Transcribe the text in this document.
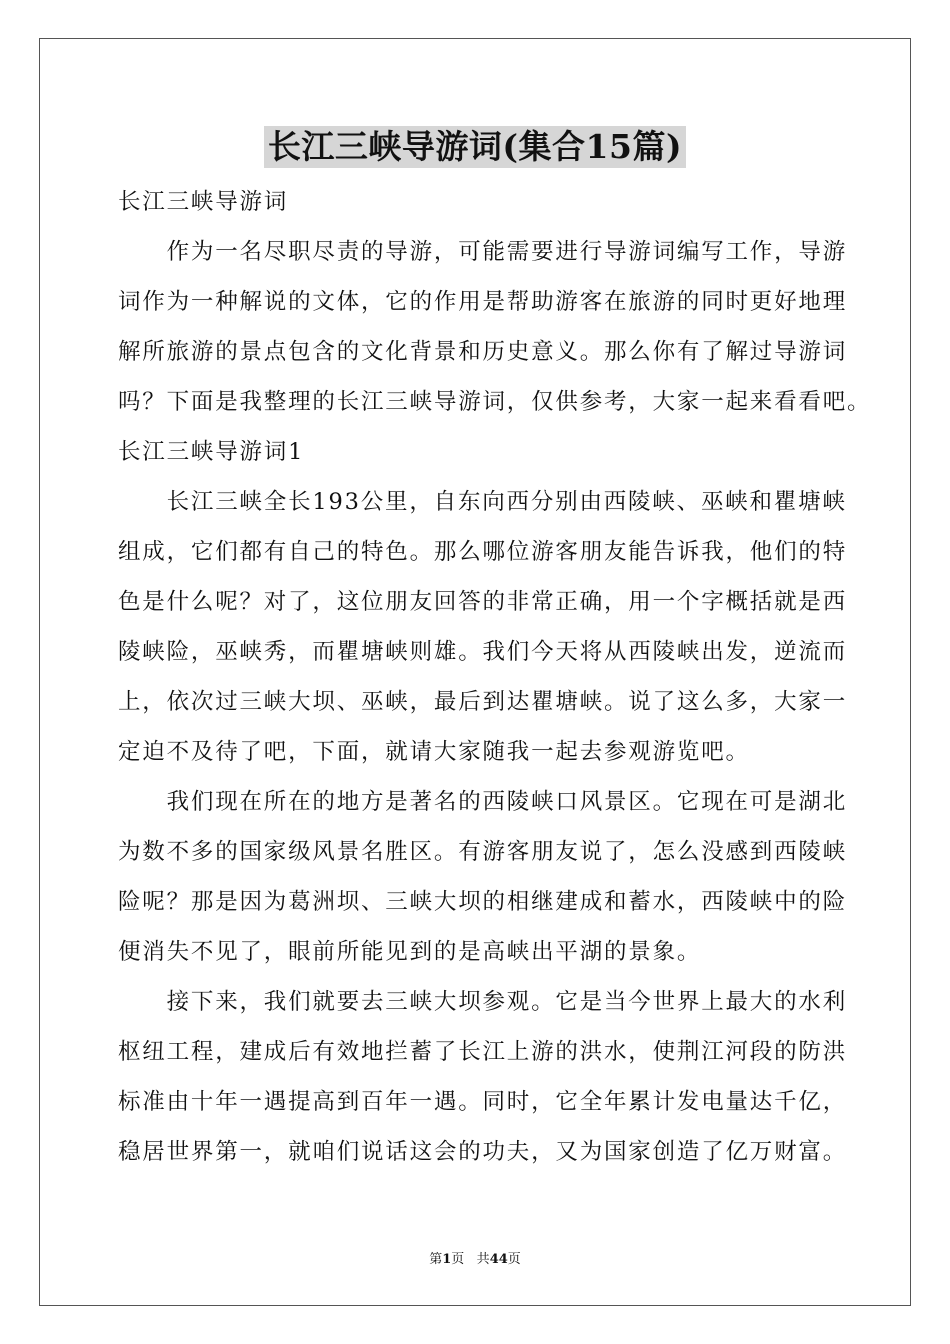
长江三峡导游词(集合15篇)
长江三峡导游词
　　作为一名尽职尽责的导游，可能需要进行导游词编写工作，导游
词作为一种解说的文体，它的作用是帮助游客在旅游的同时更好地理
解所旅游的景点包含的文化背景和历史意义。那么你有了解过导游词
吗？下面是我整理的长江三峡导游词，仅供参考，大家一起来看看吧。
长江三峡导游词1
　　长江三峡全长193公里，自东向西分别由西陵峡、巫峡和瞿塘峡
组成，它们都有自己的特色。那么哪位游客朋友能告诉我，他们的特
色是什么呢？对了，这位朋友回答的非常正确，用一个字概括就是西
陵峡险，巫峡秀，而瞿塘峡则雄。我们今天将从西陵峡出发，逆流而
上，依次过三峡大坝、巫峡，最后到达瞿塘峡。说了这么多，大家一
定迫不及待了吧，下面，就请大家随我一起去参观游览吧。
　　我们现在所在的地方是著名的西陵峡口风景区。它现在可是湖北
为数不多的国家级风景名胜区。有游客朋友说了，怎么没感到西陵峡
险呢？那是因为葛洲坝、三峡大坝的相继建成和蓄水，西陵峡中的险
便消失不见了，眼前所能见到的是高峡出平湖的景象。
　　接下来，我们就要去三峡大坝参观。它是当今世界上最大的水利
枢纽工程，建成后有效地拦蓄了长江上游的洪水，使荆江河段的防洪
标准由十年一遇提高到百年一遇。同时，它全年累计发电量达千亿，
稳居世界第一，就咱们说话这会的功夫，又为国家创造了亿万财富。
第1页 共44页
